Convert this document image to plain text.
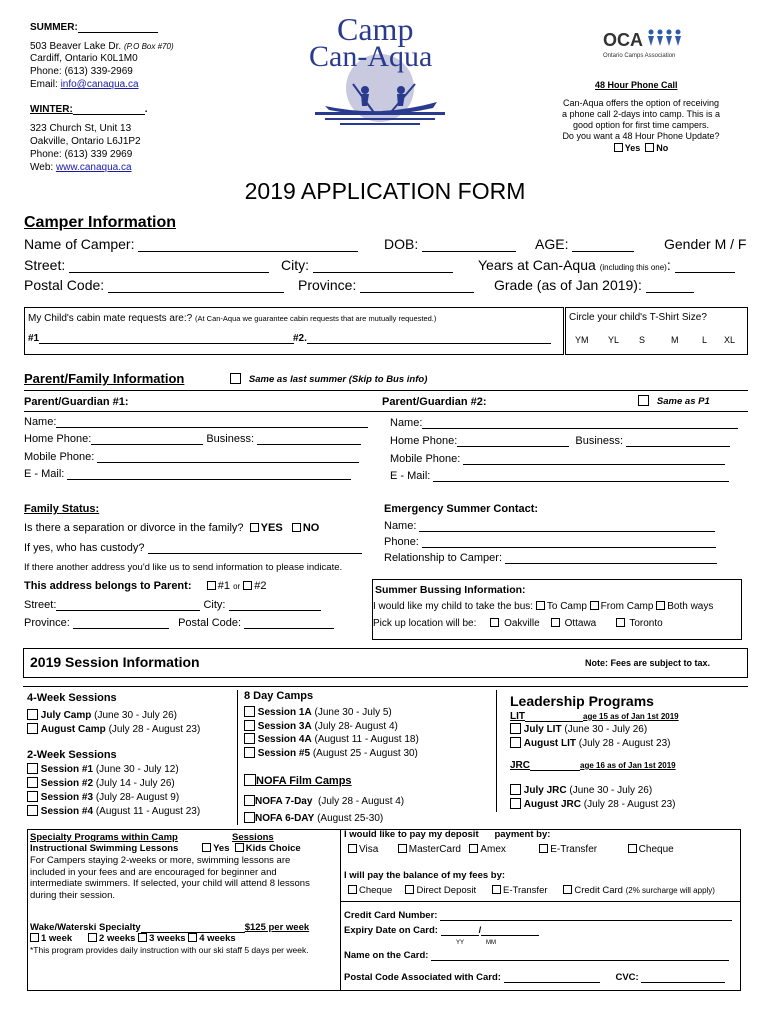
SUMMER:
503 Beaver Lake Dr. (P.O Box #70)
Cardiff, Ontario K0L1M0
Phone: (613) 339-2969
Email: info@canaqua.ca
WINTER:	.
323 Church St, Unit 13
Oakville, Ontario L6J1P2
Phone: (613) 339 2969
Web: www.canaqua.ca
Camp
Can-Aqua	OCA
Ontario Camps Association
48 Hour Phone Call
Can-Aqua offers the option of receiving
a phone call 2-days into camp. This is a
good option for first time campers.
Do you want a 48 Hour Phone Update?
Yes No
2019 APPLICATION FORM
Camper Information
Name of Camper:	DOB:	AGE:	Gender M / F
Street:	City:	Years at Can-Aqua (including this one):
Postal Code:	Province:	Grade (as of Jan 2019):
My Child's cabin mate requests are:? (At Can-Aqua we guarantee cabin requests that are mutually requested.)
#1	#2.
Circle your child's T-Shirt Size?
YM YL S	M	L XL
Parent/Family Information	Same as last summer (Skip to Bus info)
Parent/Guardian #1:	Parent/Guardian #2:	Same as P1
Name:
Home Phone:	Business:
Mobile Phone:
E - Mail:
Name:
Home Phone:	Business:
Mobile Phone:
E - Mail:
Family Status:
Is there a separation or divorce in the family? YES NO
If yes, who has custody?
If there another address you'd like us to send information to please indicate.
This address belongs to Parent:     #1 or #2
Street:	City:
Province:	Postal Code:
Emergency Summer Contact:
Name:
Phone:
Relationship to Camper:
Summer Bussing Information:
I would like my child to take the bus: To Camp From Camp Both ways
Pick up location will be:	Oakville Ottawa	Toronto
2019 Session Information	Note: Fees are subject to tax.
4-Week Sessions
July Camp (June 30 - July 26)
August Camp (July 28 - August 23)
2-Week Sessions
Session #1 (June 30 - July 12)
Session #2 (July 14 - July 26)
Session #3 (July 28- August 9)
Session #4 (August 11 - August 23)
8 Day Camps
Session 1A (June 30 - July 5)
Session 3A (July 28- August 4)
Session 4A (August 11 - August 18)
Session #5 (August 25 - August 30)
NOFA Film Camps
NOFA 7-Day (July 28 - August 4)
NOFA 6-DAY (August 25-30)
Leadership Programs
LIT	age 15 as of Jan 1st 2019
July LIT (June 30 - July 26)
August LIT (July 28 - August 23)
JRC	age 16 as of Jan 1st 2019
July JRC (June 30 - July 26)
August JRC (July 28 - August 23)
Specialty Programs within Camp	Sessions
Instructional Swimming Lessons	Yes Kids Choice
For Campers staying 2-weeks or more, swimming lessons are
included in your fees and are encouraged for beginner and
intermediate swimmers. If selected, your child will attend 8 lessons
during their session.
Wake/Waterski Specialty	$125 per week
1 week	2 weeks 3 weeks 4 weeks
*This program provides daily instruction with our ski staff 5 days per week.
I would like to pay my deposit payment by:
Visa	MasterCard Amex	E-Transfer	Cheque
I will pay the balance of my fees by:
Cheque	Direct Deposit	E-Transfer	Credit Card (2% surcharge will apply)
Credit Card Number:
Expiry Date on Card:	/
YY	MM
Name on the Card:
Postal Code Associated with Card:	CVC:
